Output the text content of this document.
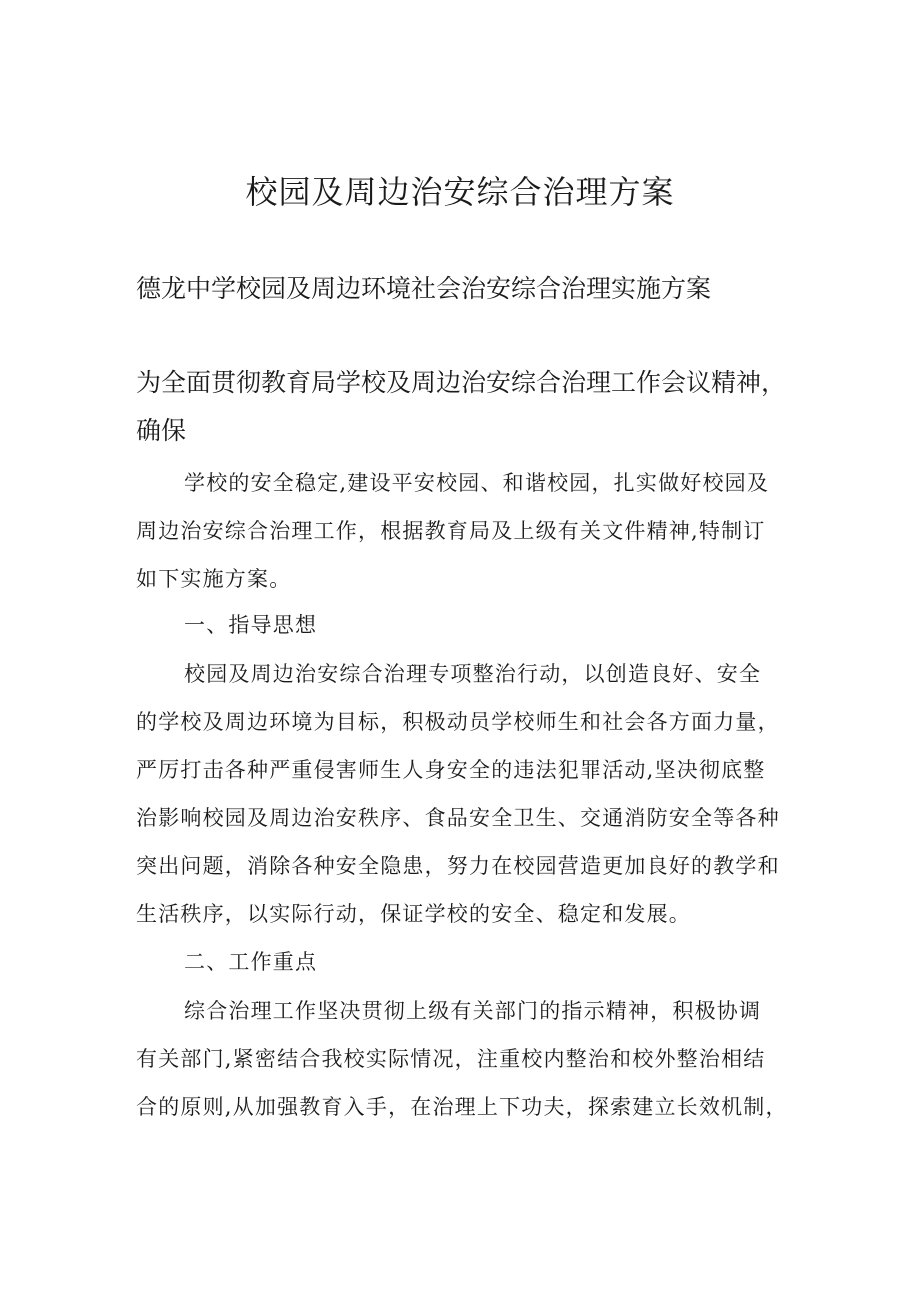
校园及周边治安综合治理方案
德龙中学校园及周边环境社会治安综合治理实施方案
为全面贯彻教育局学校及周边治安综合治理工作会议精神，
确保
学校的安全稳定,建设平安校园、和谐校园，扎实做好校园及
周边治安综合治理工作，根据教育局及上级有关文件精神,特制订
如下实施方案。
一、指导思想
校园及周边治安综合治理专项整治行动，以创造良好、安全
的学校及周边环境为目标，积极动员学校师生和社会各方面力量，
严厉打击各种严重侵害师生人身安全的违法犯罪活动,坚决彻底整
治影响校园及周边治安秩序、食品安全卫生、交通消防安全等各种
突出问题，消除各种安全隐患，努力在校园营造更加良好的教学和
生活秩序，以实际行动，保证学校的安全、稳定和发展。
二、工作重点
综合治理工作坚决贯彻上级有关部门的指示精神，积极协调
有关部门,紧密结合我校实际情况，注重校内整治和校外整治相结
合的原则,从加强教育入手，在治理上下功夫，探索建立长效机制，
